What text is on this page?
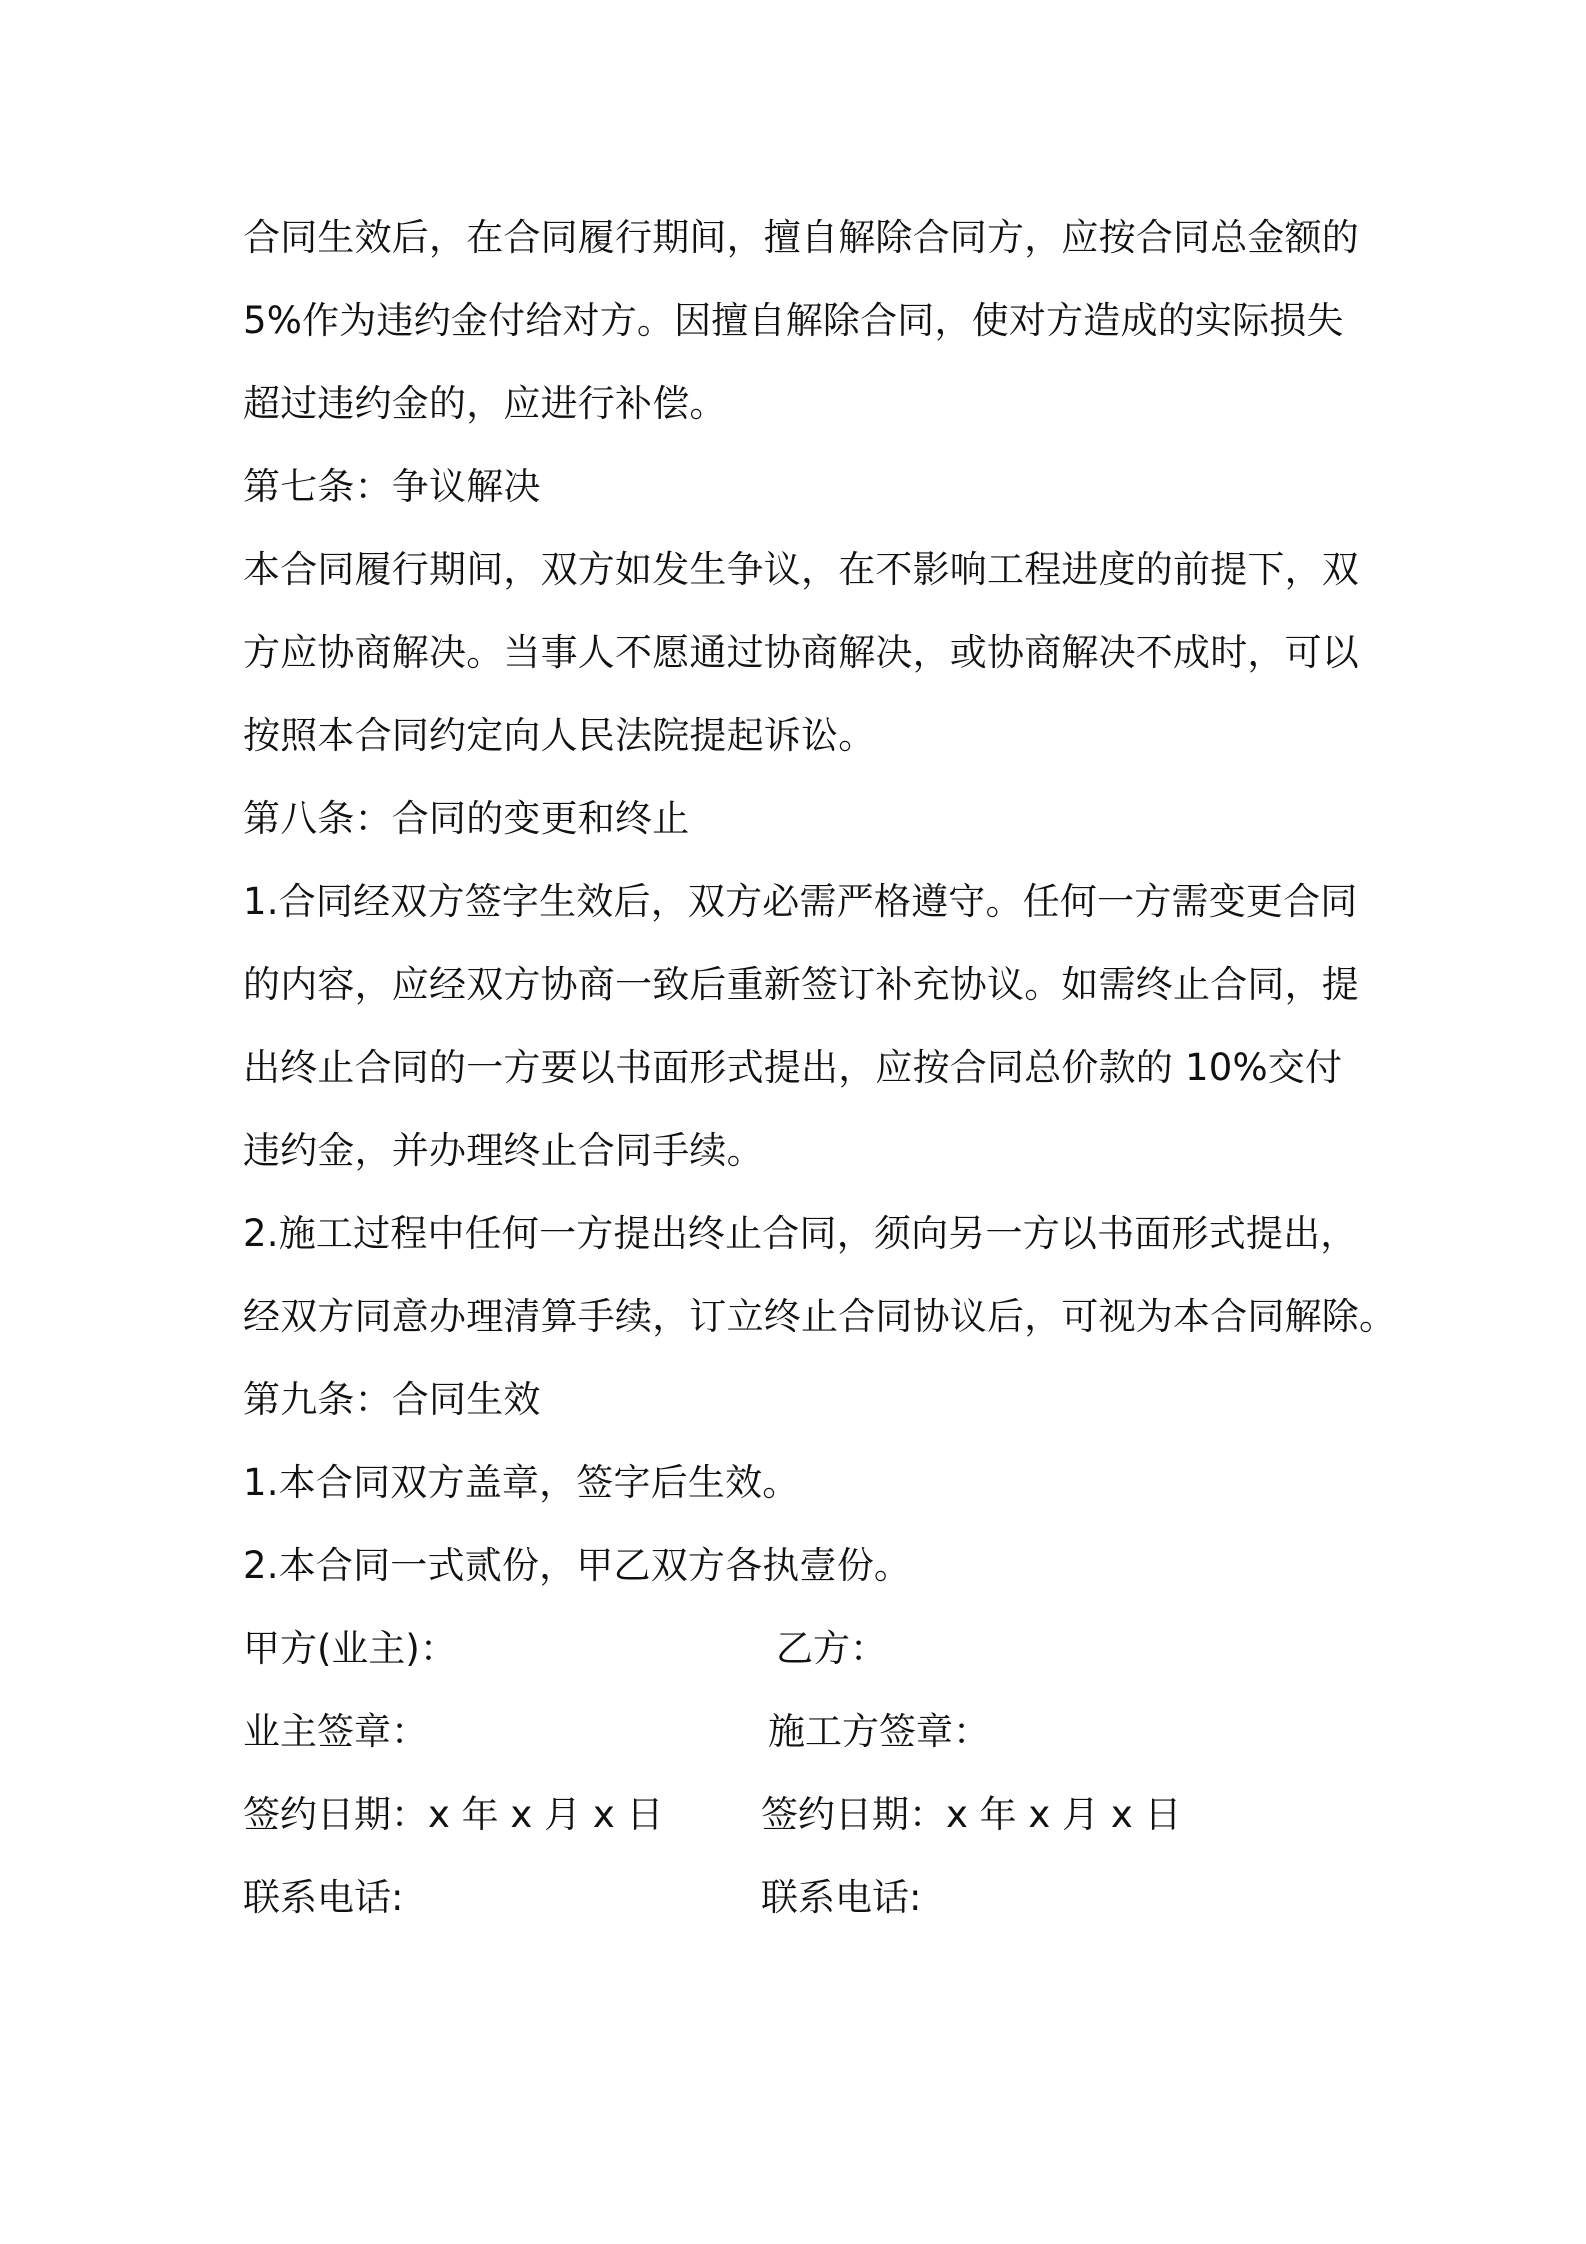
合同生效后，在合同履行期间，擅自解除合同方，应按合同总金额的
5%作为违约金付给对方。因擅自解除合同，使对方造成的实际损失
超过违约金的，应进行补偿。
第七条：争议解决
本合同履行期间，双方如发生争议，在不影响工程进度的前提下，双
方应协商解决。当事人不愿通过协商解决，或协商解决不成时，可以
按照本合同约定向人民法院提起诉讼。
第八条：合同的变更和终止
1.合同经双方签字生效后，双方必需严格遵守。任何一方需变更合同
的内容，应经双方协商一致后重新签订补充协议。如需终止合同，提
出终止合同的一方要以书面形式提出，应按合同总价款的 10%交付
违约金，并办理终止合同手续。
2.施工过程中任何一方提出终止合同，须向另一方以书面形式提出，
经双方同意办理清算手续，订立终止合同协议后，可视为本合同解除。
第九条：合同生效
1.本合同双方盖章，签字后生效。
2.本合同一式贰份，甲乙双方各执壹份。
甲方(业主)：	乙方：
业主签章：	施工方签章：
签约日期：x 年 x 月 x 日	签约日期：x 年 x 月 x 日
联系电话:	联系电话:
